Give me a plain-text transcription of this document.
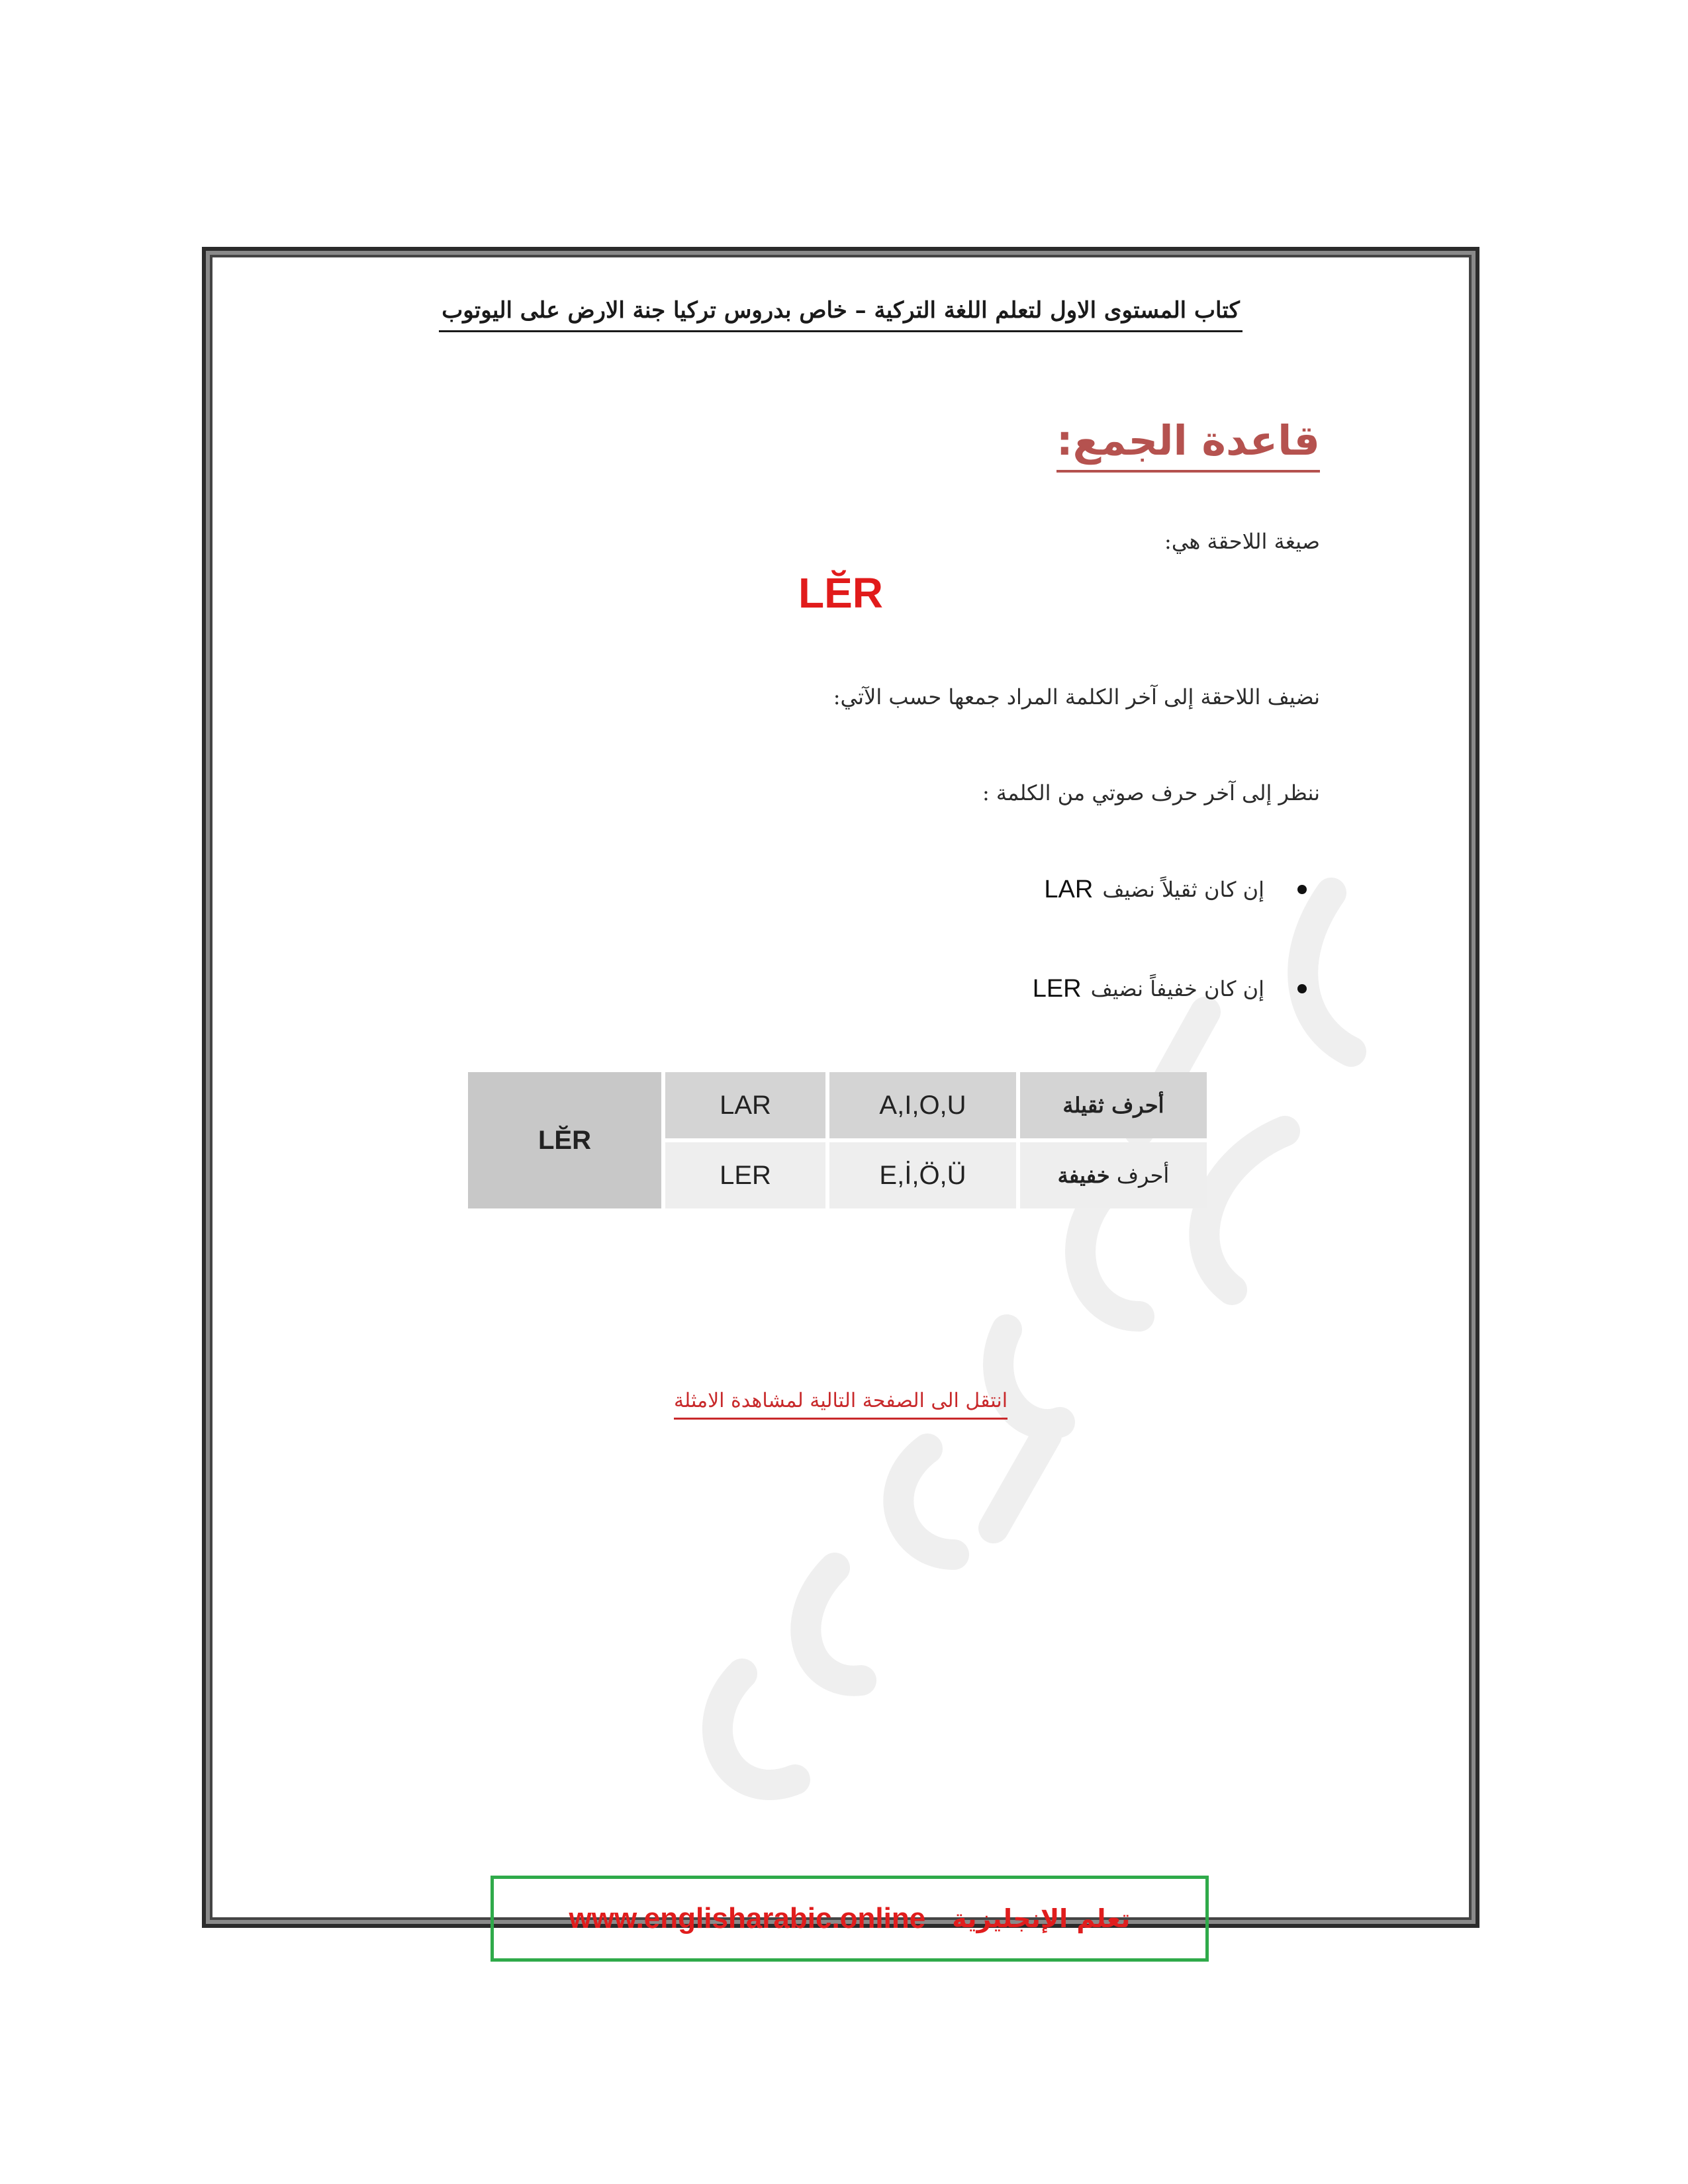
كتاب المستوى الاول لتعلم اللغة التركية – خاص بدروس تركيا جنة الارض على اليوتوب
قاعدة الجمع:
صيغة اللاحقة هي:
LĔR
نضيف اللاحقة إلى آخر الكلمة المراد جمعها حسب الآتي:
ننظر إلى آخر حرف صوتي من الكلمة :
إن كان ثقيلاً نضيف
LAR
إن كان خفيفاً نضيف
LER
LĔR	LAR	A,I,O,U	أحرف ثقيلة
	LER	E,İ,Ö,Ü	أحرف خفيفة
انتقل الى الصفحة التالية لمشاهدة الامثلة
www.englisharabic.online تعلم الإنجليزية
